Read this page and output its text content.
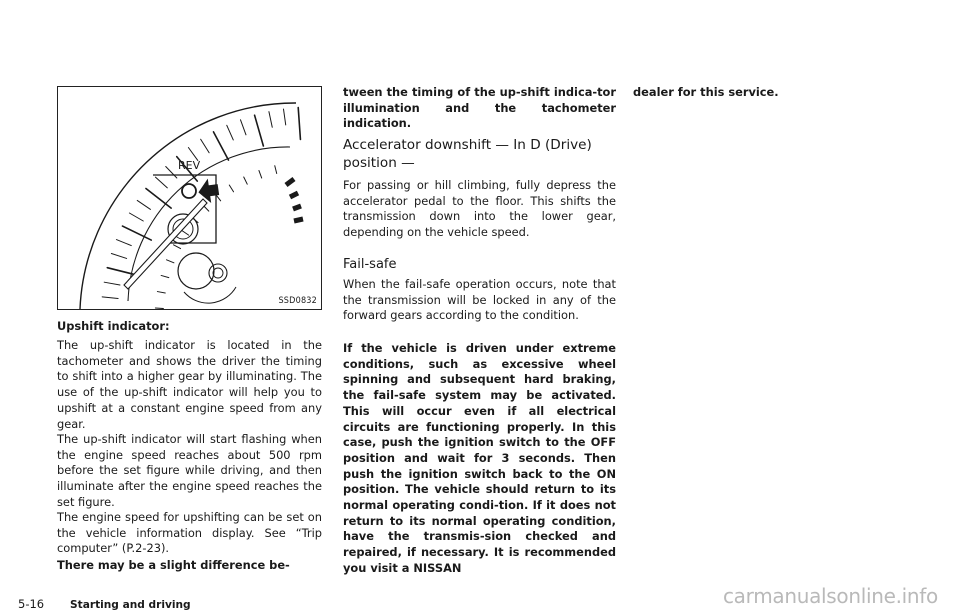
REV
SSD0832

Upshift indicator:

The up-shift indicator is located in the tachometer and shows the driver the timing to shift into a higher gear by illuminating. The use of the up-shift indicator will help you to upshift at a constant engine speed from any gear.

The up-shift indicator will start flashing when the engine speed reaches about 500 rpm before the set figure while driving, and then illuminate after the engine speed reaches the set figure.

The engine speed for upshifting can be set on the vehicle information display. See “Trip computer” (P.2-23).

There may be a slight difference be-

tween the timing of the up-shift indica-tor illumination and the tachometer indication.

Accelerator downshift — In D (Drive) position —

For passing or hill climbing, fully depress the accelerator pedal to the floor. This shifts the transmission down into the lower gear, depending on the vehicle speed.

Fail-safe

When the fail-safe operation occurs, note that the transmission will be locked in any of the forward gears according to the condition.

If the vehicle is driven under extreme conditions, such as excessive wheel spinning and subsequent hard braking, the fail-safe system may be activated. This will occur even if all electrical circuits are functioning properly. In this case, push the ignition switch to the OFF position and wait for 3 seconds. Then push the ignition switch back to the ON position. The vehicle should return to its normal operating condi-tion. If it does not return to its normal operating condition, have the transmis-sion checked and repaired, if necessary. It is recommended you visit a NISSAN

dealer for this service.

5-16 Starting and driving	carmanualsonline.info
